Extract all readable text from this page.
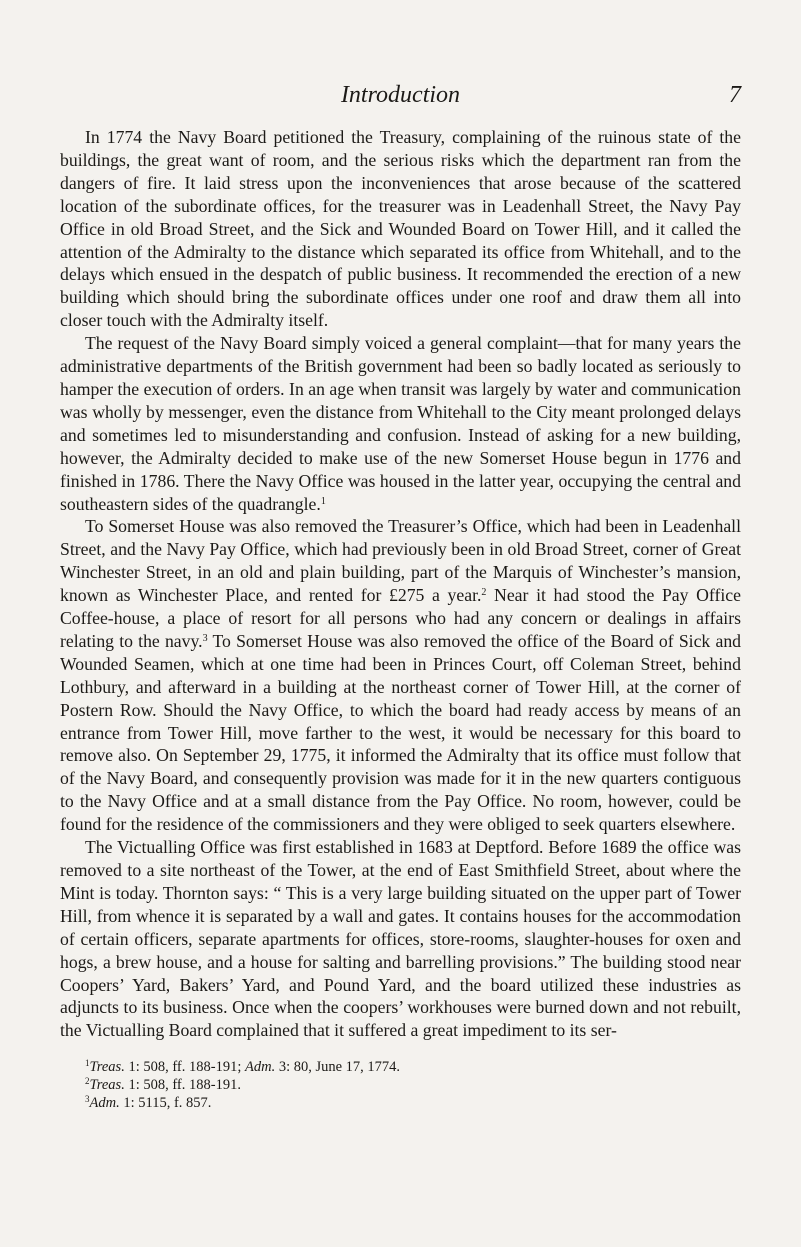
Introduction	7

In 1774 the Navy Board petitioned the Treasury, complaining of the ruinous state of the buildings, the great want of room, and the serious risks which the department ran from the dangers of fire. It laid stress upon the inconveniences that arose because of the scattered location of the subordinate offices, for the treasurer was in Leadenhall Street, the Navy Pay Office in old Broad Street, and the Sick and Wounded Board on Tower Hill, and it called the attention of the Admiralty to the distance which separated its office from Whitehall, and to the delays which ensued in the despatch of public business. It recommended the erection of a new building which should bring the subordinate offices under one roof and draw them all into closer touch with the Admiralty itself.

The request of the Navy Board simply voiced a general complaint—that for many years the administrative departments of the British government had been so badly located as seriously to hamper the execution of orders. In an age when transit was largely by water and communication was wholly by messenger, even the distance from Whitehall to the City meant prolonged delays and sometimes led to misunderstanding and confusion. Instead of asking for a new building, however, the Admiralty decided to make use of the new Somerset House begun in 1776 and finished in 1786. There the Navy Office was housed in the latter year, occupying the central and southeastern sides of the quadrangle.$^1$

To Somerset House was also removed the Treasurer’s Office, which had been in Leadenhall Street, and the Navy Pay Office, which had previously been in old Broad Street, corner of Great Winchester Street, in an old and plain building, part of the Marquis of Winchester’s mansion, known as Winchester Place, and rented for £275 a year.$^2$ Near it had stood the Pay Office Coffee-house, a place of resort for all persons who had any concern or dealings in affairs relating to the navy.$^3$ To Somerset House was also removed the office of the Board of Sick and Wounded Seamen, which at one time had been in Princes Court, off Coleman Street, behind Lothbury, and afterward in a building at the northeast corner of Tower Hill, at the corner of Postern Row. Should the Navy Office, to which the board had ready access by means of an entrance from Tower Hill, move farther to the west, it would be necessary for this board to remove also. On September 29, 1775, it informed the Admiralty that its office must follow that of the Navy Board, and consequently provision was made for it in the new quarters contiguous to the Navy Office and at a small distance from the Pay Office. No room, however, could be found for the residence of the commissioners and they were obliged to seek quarters elsewhere.

The Victualling Office was first established in 1683 at Deptford. Before 1689 the office was removed to a site northeast of the Tower, at the end of East Smithfield Street, about where the Mint is today. Thornton says: “ This is a very large building situated on the upper part of Tower Hill, from whence it is separated by a wall and gates. It contains houses for the accommodation of certain officers, separate apartments for offices, store-rooms, slaughter-houses for oxen and hogs, a brew house, and a house for salting and barrelling provisions.” The building stood near Coopers’ Yard, Bakers’ Yard, and Pound Yard, and the board utilized these industries as adjuncts to its business. Once when the coopers’ workhouses were burned down and not rebuilt, the Victualling Board complained that it suffered a great impediment to its ser-

$^1$Treas. 1: 508, ff. 188-191; Adm. 3: 80, June 17, 1774.
$^2$Treas. 1: 508, ff. 188-191.
$^3$Adm. 1: 5115, f. 857.
